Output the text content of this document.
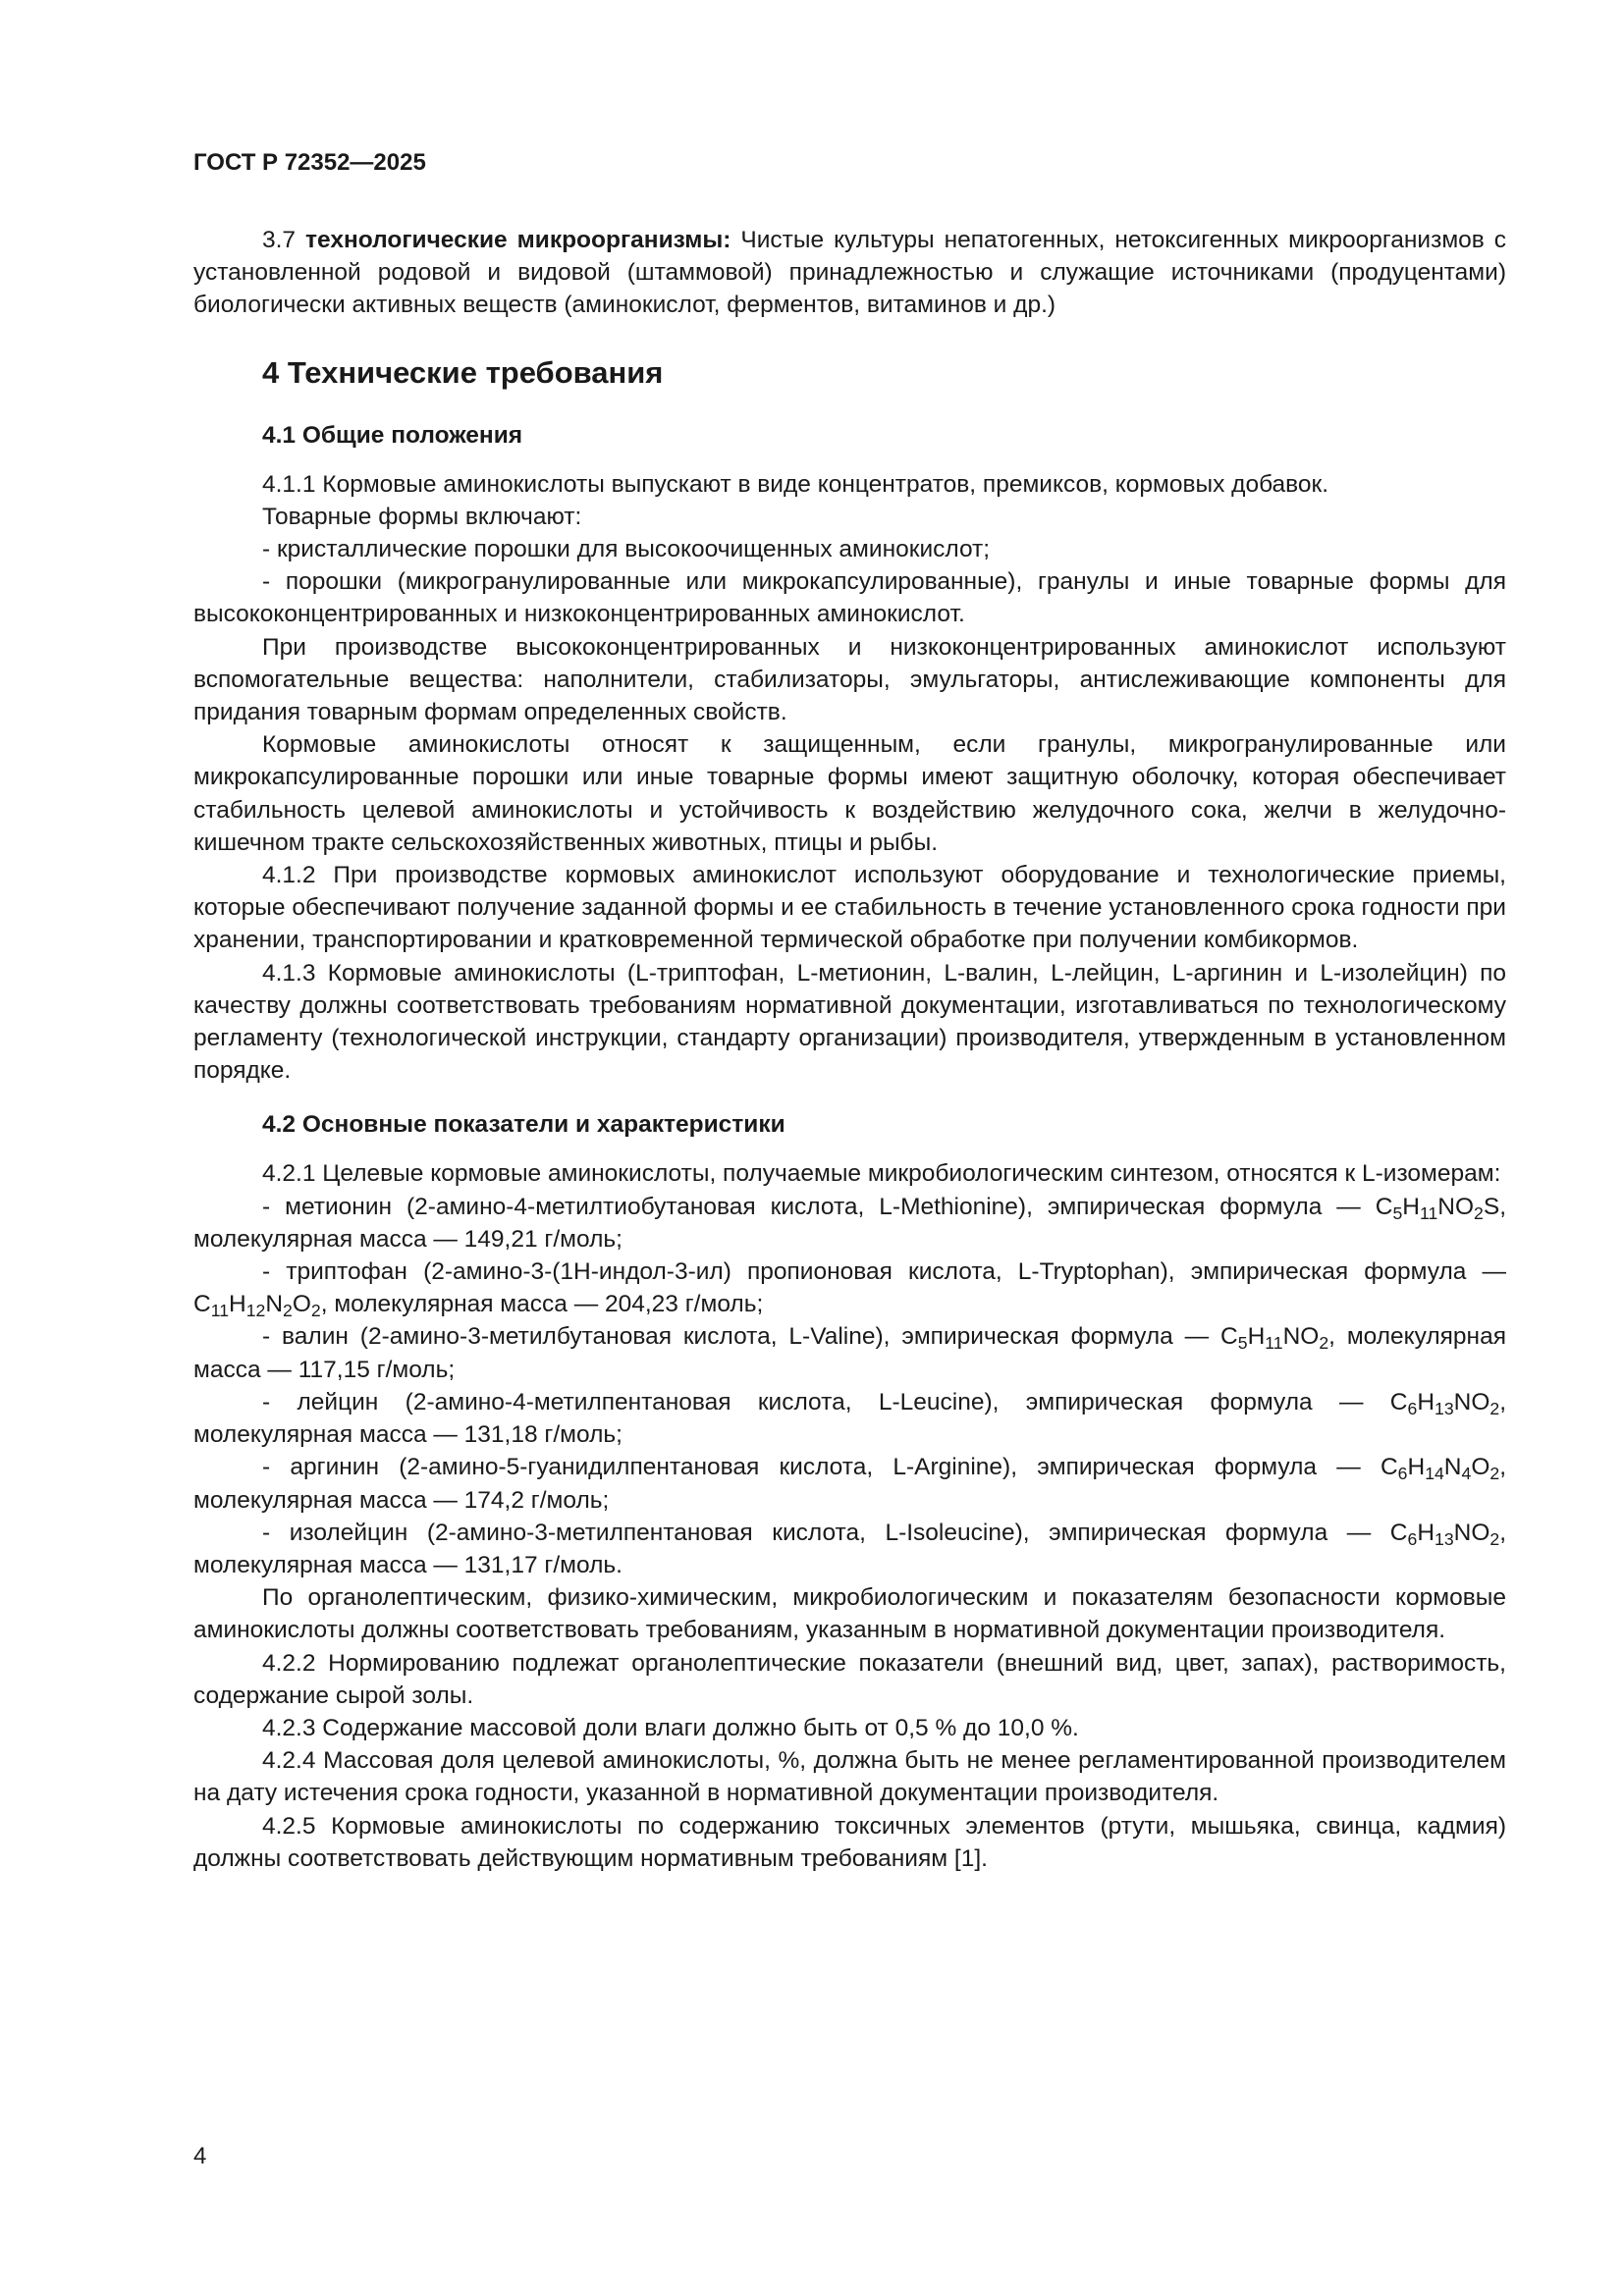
ГОСТ Р 72352—2025

3.7 технологические микроорганизмы: Чистые культуры непатогенных, нетоксигенных микроорганизмов с установленной родовой и видовой (штаммовой) принадлежностью и служащие источниками (продуцентами) биологически активных веществ (аминокислот, ферментов, витаминов и др.)

4 Технические требования
4.1 Общие положения

4.1.1 Кормовые аминокислоты выпускают в виде концентратов, премиксов, кормовых добавок.

Товарные формы включают:

- кристаллические порошки для высокоочищенных аминокислот;

- порошки (микрогранулированные или микрокапсулированные), гранулы и иные товарные формы для высококонцентрированных и низкоконцентрированных аминокислот.

При производстве высококонцентрированных и низкоконцентрированных аминокислот используют вспомогательные вещества: наполнители, стабилизаторы, эмульгаторы, антислеживающие компоненты для придания товарным формам определенных свойств.

Кормовые аминокислоты относят к защищенным, если гранулы, микрогранулированные или микрокапсулированные порошки или иные товарные формы имеют защитную оболочку, которая обеспечивает стабильность целевой аминокислоты и устойчивость к воздействию желудочного сока, желчи в желудочно-кишечном тракте сельскохозяйственных животных, птицы и рыбы.

4.1.2 При производстве кормовых аминокислот используют оборудование и технологические приемы, которые обеспечивают получение заданной формы и ее стабильность в течение установленного срока годности при хранении, транспортировании и кратковременной термической обработке при получении комбикормов.

4.1.3 Кормовые аминокислоты (L-триптофан, L-метионин, L-валин, L-лейцин, L-аргинин и L-изолейцин) по качеству должны соответствовать требованиям нормативной документации, изготавливаться по технологическому регламенту (технологической инструкции, стандарту организации) производителя, утвержденным в установленном порядке.

4.2 Основные показатели и характеристики

4.2.1 Целевые кормовые аминокислоты, получаемые микробиологическим синтезом, относятся к L-изомерам:

- метионин (2-амино-4-метилтиобутановая кислота, L-Methionine), эмпирическая формула — $C_5H_{11}NO_2S$, молекулярная масса — 149,21 г/моль;

- триптофан (2-амино-3-(1Н-индол-3-ил) пропионовая кислота, L-Tryptophan), эмпирическая формула — $C_{11}H_{12}N_2O_2$, молекулярная масса — 204,23 г/моль;

- валин (2-амино-3-метилбутановая кислота, L-Valine), эмпирическая формула — $C_5H_{11}NO_2$, молекулярная масса — 117,15 г/моль;

- лейцин (2-амино-4-метилпентановая кислота, L-Leucine), эмпирическая формула — $C_6H_{13}NO_2$, молекулярная масса — 131,18 г/моль;

- аргинин (2-амино-5-гуанидилпентановая кислота, L-Arginine), эмпирическая формула — $C_6H_{14}N_4O_2$, молекулярная масса — 174,2 г/моль;

- изолейцин (2-амино-3-метилпентановая кислота, L-Isoleucine), эмпирическая формула — $C_6H_{13}NO_2$, молекулярная масса — 131,17 г/моль.

По органолептическим, физико-химическим, микробиологическим и показателям безопасности кормовые аминокислоты должны соответствовать требованиям, указанным в нормативной документации производителя.

4.2.2 Нормированию подлежат органолептические показатели (внешний вид, цвет, запах), растворимость, содержание сырой золы.

4.2.3 Содержание массовой доли влаги должно быть от 0,5 % до 10,0 %.

4.2.4 Массовая доля целевой аминокислоты, %, должна быть не менее регламентированной производителем на дату истечения срока годности, указанной в нормативной документации производителя.

4.2.5 Кормовые аминокислоты по содержанию токсичных элементов (ртути, мышьяка, свинца, кадмия) должны соответствовать действующим нормативным требованиям [1].

4
